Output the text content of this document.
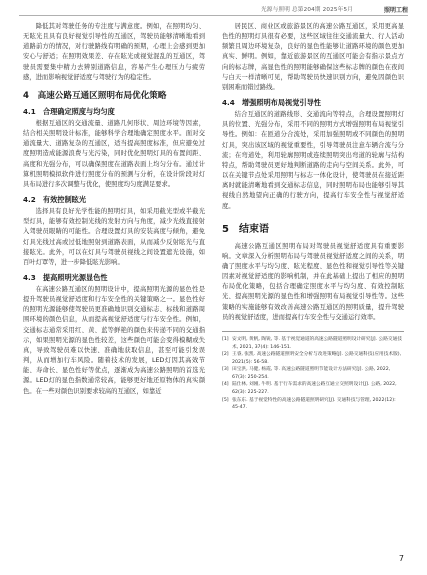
光源与照明 总第204期 2025年5月	照明工程

降低其对驾驶任务的专注度与满意度。例如，在照明均匀、无眩光且具有良好视觉引导性的互通区，驾驶员能够清晰地看到道路前方的情况，对行驶路线有明确的预期，心理上会感到更加安心与舒适；在照明效果差、存在眩光或视觉混乱的互通区，驾驶员需要集中精力去辨别道路信息，容易产生心理压力与疲劳感，进而影响视觉舒适度与驾驶行为的稳定性。

4　高速公路互通区照明布局优化策略
4.1　合理确定照度与均匀度

根据互通区的交通流量、道路几何形状、周边环境等因素，结合相关照明设计标准，能够科学合理地确定照度水平。面对交通流量大、道路复杂的互通区，适当提高照度标准，但应避免过度照明造成能源浪费与光污染，同时优化照明灯具的布置间距、高度和光强分布，可以确保照度在道路表面上均匀分布。通过计算机照明模拟软件进行照度分布的预测与分析，在设计阶段对灯具布局进行多次调整与优化，使照度均匀度满足要求。

4.2　有效控制眩光

选择具有良好光学性能的照明灯具，如采用截光型或半截光型灯具，能够有效控制光线的发射方向与角度，减少光线直接射入驾驶员眼睛的可能性。合理设置灯具的安装高度与倾角，避免灯具光线过高或过低地照射到道路表面，从而减少反射眩光与直接眩光。此外，可以在灯具与驾驶员视线之间设置遮光设施，如百叶灯罩等，进一步降低眩光影响。

4.3　提高照明光源显色性

在高速公路互通区的照明设计中，提高照明光源的显色性是提升驾驶员视觉舒适度和行车安全性的关键策略之一。显色性好的照明光源能够使驾驶员更准确地识别交通标志、标线和道路周围环境的颜色信息，从而提高视觉舒适度与行车安全性。例如，交通标志通常采用红、黄、蓝等鲜艳的颜色来传递不同的交通指示，如果照明光源的显色性较差，这些颜色可能会变得模糊或失真，导致驾驶员难以快速、准确地获取信息，甚至可能引发误判，从而增加行车风险。随着技术的发展，LED灯因其高效节能、寿命长、显色性好等优点，逐渐成为高速公路照明的首选光源。LED灯的显色指数通常较高，能够更好地还原物体的真实颜色。在一些对颜色识别要求较高的互通区，如靠近

居民区、商业区或旅游景区的高速公路互通区，采用更高显色性的照明灯具很有必要，这些区域往往交通流量大、行人活动频繁且周边环境复杂，良好的显色性能够让道路环境的颜色更加真实、鲜明。例如，靠近旅游景区的互通区可能会有指示景点方向的标志牌，高显色性的照明能够确保这些标志牌的颜色在夜间与白天一样清晰可见，帮助驾驶员快速识别方向，避免因颜色识别困难而错过路线。

4.4　增强照明布局视觉引导性

结合互通区的道路线形、交通流向等特点，合理设置照明灯具的位置、光强分布，采用不同的照明方式增强照明布局视觉引导性。例如：在匝道分合流处，采用加强照明或不同颜色的照明灯具，突出该区域的视觉重要性，引导驾驶员注意车辆合流与分流；在弯道处，利用轮廓照明或连续照明突出弯道的轮廓与结构特点，帮助驾驶员更好地判断道路的走向与空间关系。此外，可以在关键节点处采用照明与标志一体化设计，使驾驶员在接近距离时就能清晰地看到交通标志信息，同时照明布局也能够引导其视线自然地望向正确的行驶方向，提高行车安全性与视觉舒适度。

5　结束语

高速公路互通区照明布局对驾驶员视觉舒适度具有重要影响。文章深入分析照明布局与驾驶员视觉舒适度之间的关系，明确了照度水平与均匀度、眩光程度、显色性和视觉引导性等关键因素对视觉舒适度的影响机制，并在此基础上提出了相应的照明布局优化策略，包括合理确定照度水平与均匀度、有效控制眩光、提高照明光源的显色性和增强照明布局视觉引导性等。这些策略的实施能够有效改善高速公路互通区的照明质量，提升驾驶员的视觉舒适度，进而提高行车安全性与交通运行效率。

[1] 安文明, 黄帆, 陶锐, 等. 基于视觉通道的高速公路隧道照明设计研究[J]. 公路交通技术, 2021, 37(4): 146-151.
[2] 王睿, 张凯. 高速公路隧道照明安全分析与改进策略[J]. 公路交通科技(应用技术版), 2021(5): 56-58.
[3] 田宝洪, 马健, 杨霞, 等. 高速公路隧道照明节能设计方法研究[J]. 公路, 2022, 67(3): 250-254.
[4] 陆仕林, 刘刚, 牛明. 基于行车需求的高速公路互通立交照明设计[J]. 公路, 2022, 62(3): 225-227.
[5] 张东东. 基于视觉特性的高速公路隧道照明研究[J]. 交通科技与管理, 2022(12): 45-47.
7
